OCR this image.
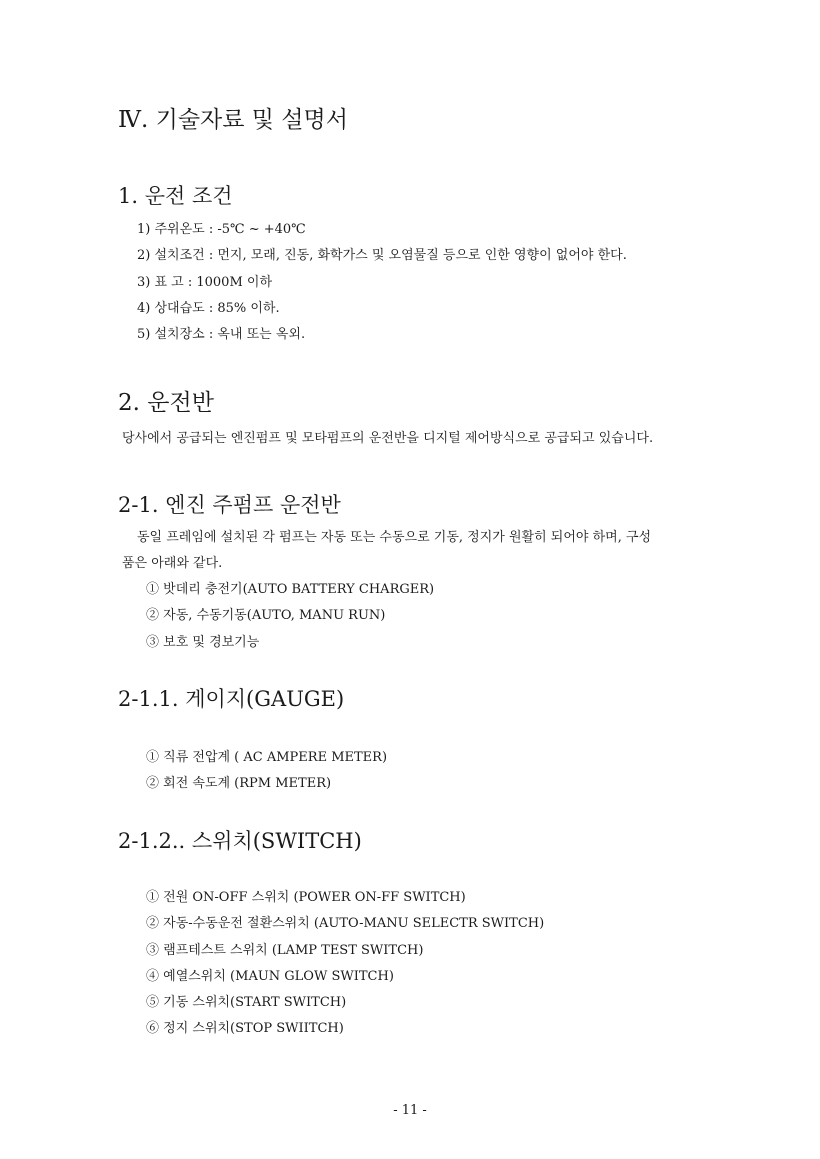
Ⅳ. 기술자료 및 설명서
1. 운전 조건
1) 주위온도 : -5℃ ~ +40℃
2) 설치조건 : 먼지, 모래, 진동, 화학가스 및 오염물질 등으로 인한 영향이 없어야 한다.
3) 표 고 : 1000M 이하
4) 상대습도 : 85% 이하.
5) 설치장소 : 옥내 또는 옥외.
2. 운전반
당사에서 공급되는 엔진펌프 및 모타펌프의 운전반을 디지털 제어방식으로 공급되고 있습니다.
2-1. 엔진 주펌프 운전반
동일 프레임에 설치된 각 펌프는 자동 또는 수동으로 기동, 정지가 원활히 되어야 하며, 구성
품은 아래와 같다.
① 밧데리 충전기(AUTO BATTERY CHARGER)
② 자동, 수동기동(AUTO, MANU RUN)
③ 보호 및 경보기능
2-1.1. 게이지(GAUGE)
① 직류 전압계 ( AC AMPERE METER)
② 회전 속도계 (RPM METER)
2-1.2.. 스위치(SWITCH)
① 전원 ON-OFF 스위치 (POWER ON-FF SWITCH)
② 자동-수동운전 절환스위치 (AUTO-MANU SELECTR SWITCH)
③ 램프테스트 스위치 (LAMP TEST SWITCH)
④ 예열스위치 (MAUN GLOW SWITCH)
⑤ 기동 스위치(START SWITCH)
⑥ 정지 스위치(STOP SWIITCH)
- 11 -
